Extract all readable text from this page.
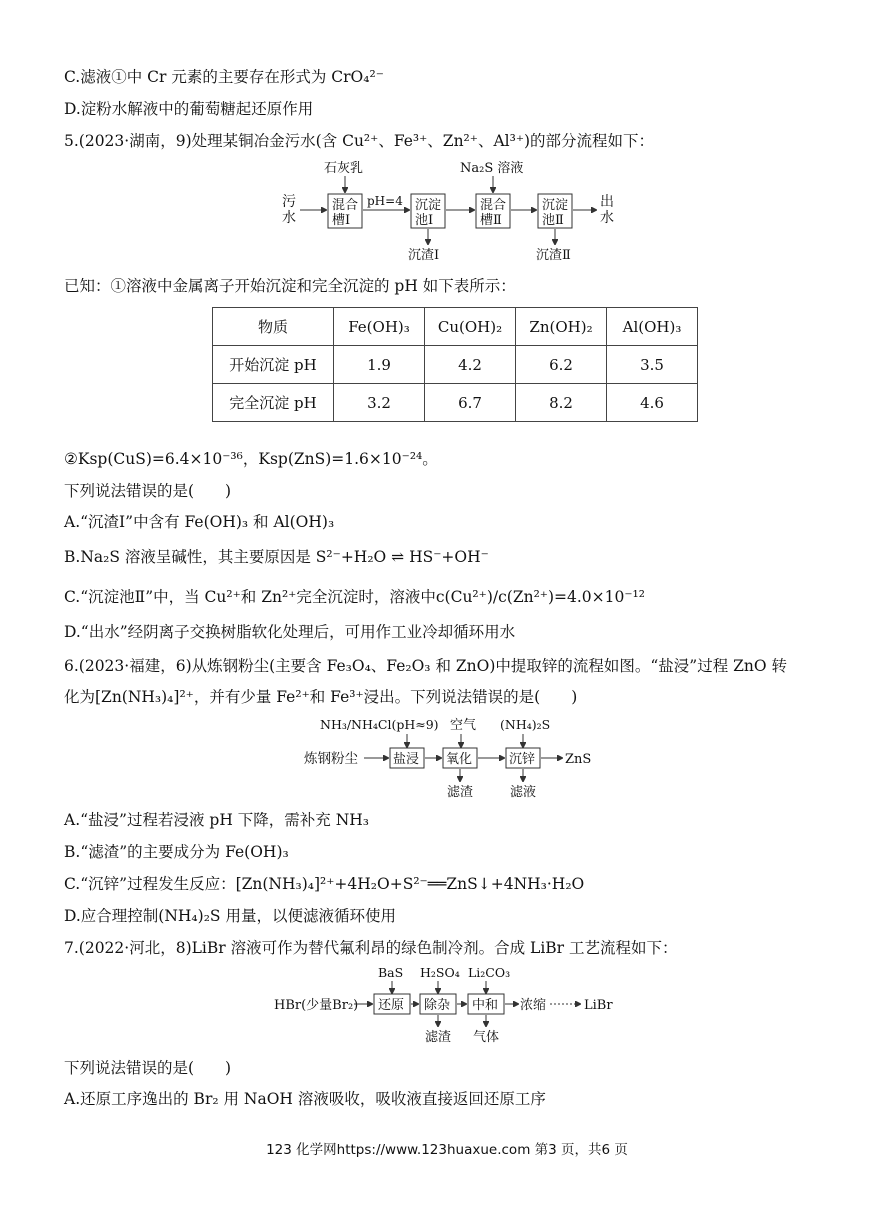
C.滤液①中 Cr 元素的主要存在形式为 CrO₄²⁻
D.淀粉水解液中的葡萄糖起还原作用
5.(2023·湖南，9)处理某铜冶金污水(含 Cu²⁺、Fe³⁺、Zn²⁺、Al³⁺)的部分流程如下：
污
水
石灰乳	Na₂S 溶液
混合
槽Ⅰ
pH=4 沉淀
池Ⅰ
混合
槽Ⅱ
沉淀
池Ⅱ
出
水
沉渣Ⅰ	沉渣Ⅱ
已知：①溶液中金属离子开始沉淀和完全沉淀的 pH 如下表所示：
物质	Fe(OH)₃	Cu(OH)₂	Zn(OH)₂	Al(OH)₃
开始沉淀 pH	1.9	4.2	6.2	3.5
完全沉淀 pH	3.2	6.7	8.2	4.6
②Ksp(CuS)=6.4×10⁻³⁶，Ksp(ZnS)=1.6×10⁻²⁴。
下列说法错误的是(　　)
A.“沉渣Ⅰ”中含有 Fe(OH)₃ 和 Al(OH)₃
B.Na₂S 溶液呈碱性，其主要原因是 S²⁻+H₂O ⇌ HS⁻+OH⁻
C.“沉淀池Ⅱ”中，当 Cu²⁺和 Zn²⁺完全沉淀时，溶液中c(Cu²⁺)/c(Zn²⁺)=4.0×10⁻¹²
D.“出水”经阴离子交换树脂软化处理后，可用作工业冷却循环用水
6.(2023·福建，6)从炼钢粉尘(主要含 Fe₃O₄、Fe₂O₃ 和 ZnO)中提取锌的流程如图。“盐浸”过程 ZnO 转
化为[Zn(NH₃)₄]²⁺，并有少量 Fe²⁺和 Fe³⁺浸出。下列说法错误的是(　　)
NH₃/NH₄Cl(pH≈9) 空气 (NH₄)₂S
炼钢粉尘	盐浸 氧化	沉锌 ZnS
滤渣	滤液
A.“盐浸”过程若浸液 pH 下降，需补充 NH₃
B.“滤渣”的主要成分为 Fe(OH)₃
C.“沉锌”过程发生反应：[Zn(NH₃)₄]²⁺+4H₂O+S²⁻══ZnS↓+4NH₃·H₂O
D.应合理控制(NH₄)₂S 用量，以便滤液循环使用
7.(2022·河北，8)LiBr 溶液可作为替代氟利昂的绿色制冷剂。合成 LiBr 工艺流程如下：
BaS H₂SO₄ Li₂CO₃
HBr(少量Br₂) 还原 除杂 中和 浓缩	LiBr
滤渣 气体
下列说法错误的是(　　)
A.还原工序逸出的 Br₂ 用 NaOH 溶液吸收，吸收液直接返回还原工序
123 化学网https://www.123huaxue.com 第3 页，共6 页
